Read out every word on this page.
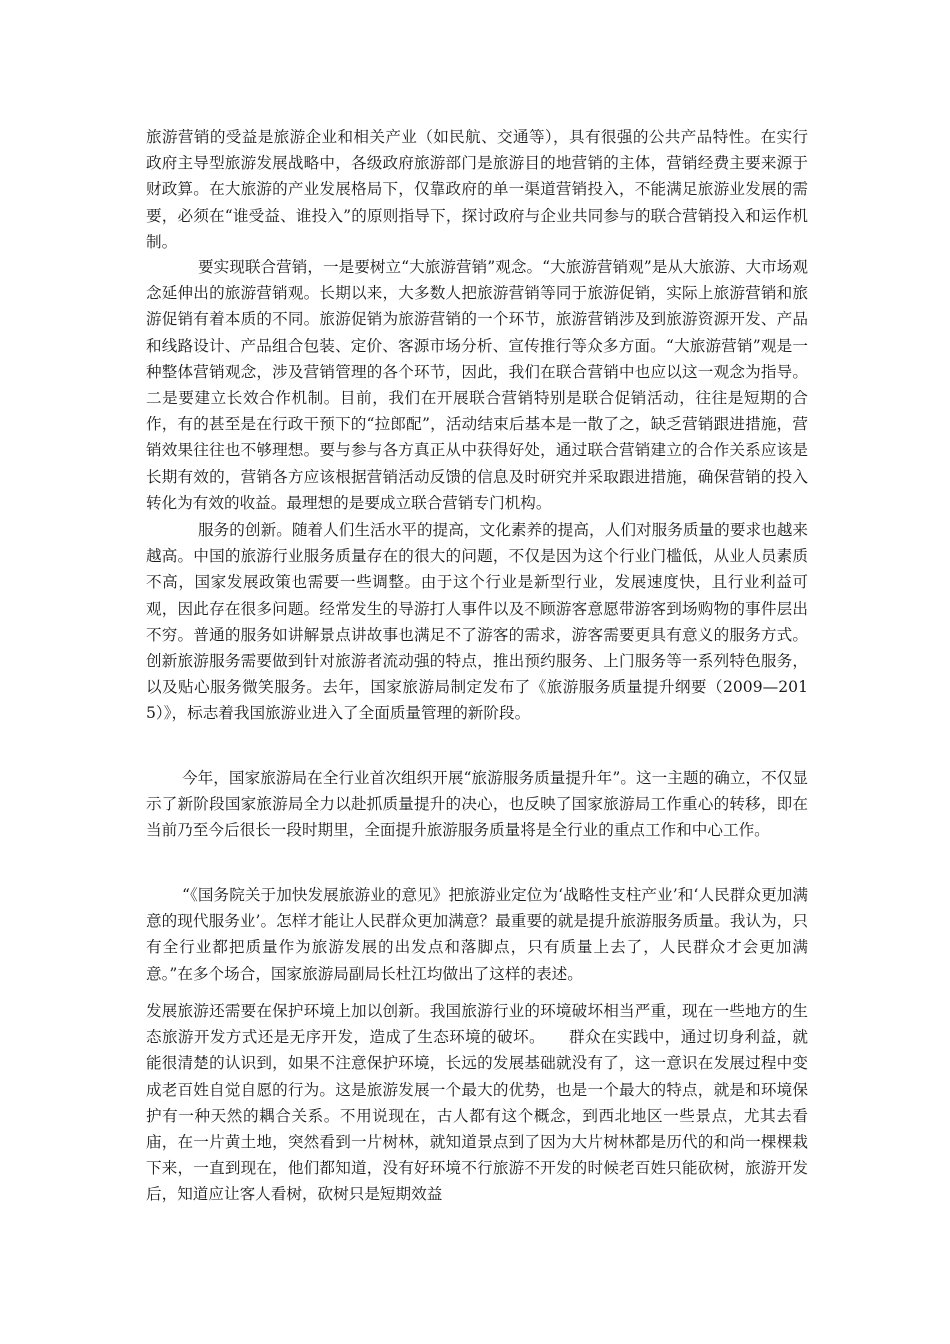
旅游营销的受益是旅游企业和相关产业（如民航、交通等），具有很强的公共产品特性。在实行政府主导型旅游发展战略中，各级政府旅游部门是旅游目的地营销的主体，营销经费主要来源于财政算。在大旅游的产业发展格局下，仅靠政府的单一渠道营销投入，不能满足旅游业发展的需要，必须在“谁受益、谁投入”的原则指导下，探讨政府与企业共同参与的联合营销投入和运作机制。

要实现联合营销，一是要树立“大旅游营销”观念。“大旅游营销观”是从大旅游、大市场观念延伸出的旅游营销观。长期以来，大多数人把旅游营销等同于旅游促销，实际上旅游营销和旅游促销有着本质的不同。旅游促销为旅游营销的一个环节，旅游营销涉及到旅游资源开发、产品和线路设计、产品组合包装、定价、客源市场分析、宣传推行等众多方面。“大旅游营销”观是一种整体营销观念，涉及营销管理的各个环节，因此，我们在联合营销中也应以这一观念为指导。二是要建立长效合作机制。目前，我们在开展联合营销特别是联合促销活动，往往是短期的合作，有的甚至是在行政干预下的“拉郎配”，活动结束后基本是一散了之，缺乏营销跟进措施，营销效果往往也不够理想。要与参与各方真正从中获得好处，通过联合营销建立的合作关系应该是长期有效的，营销各方应该根据营销活动反馈的信息及时研究并采取跟进措施，确保营销的投入转化为有效的收益。最理想的是要成立联合营销专门机构。

服务的创新。随着人们生活水平的提高，文化素养的提高，人们对服务质量的要求也越来越高。中国的旅游行业服务质量存在的很大的问题，不仅是因为这个行业门槛低，从业人员素质不高，国家发展政策也需要一些调整。由于这个行业是新型行业，发展速度快，且行业利益可观，因此存在很多问题。经常发生的导游打人事件以及不顾游客意愿带游客到场购物的事件层出不穷。普通的服务如讲解景点讲故事也满足不了游客的需求，游客需要更具有意义的服务方式。创新旅游服务需要做到针对旅游者流动强的特点，推出预约服务、上门服务等一系列特色服务，以及贴心服务微笑服务。去年，国家旅游局制定发布了《旅游服务质量提升纲要（2009—2015）》，标志着我国旅游业进入了全面质量管理的新阶段。

今年，国家旅游局在全行业首次组织开展“旅游服务质量提升年”。这一主题的确立，不仅显示了新阶段国家旅游局全力以赴抓质量提升的决心，也反映了国家旅游局工作重心的转移，即在当前乃至今后很长一段时期里，全面提升旅游服务质量将是全行业的重点工作和中心工作。

“《国务院关于加快发展旅游业的意见》把旅游业定位为‘战略性支柱产业’和‘人民群众更加满意的现代服务业’。怎样才能让人民群众更加满意？最重要的就是提升旅游服务质量。我认为，只有全行业都把质量作为旅游发展的出发点和落脚点，只有质量上去了，人民群众才会更加满意。”在多个场合，国家旅游局副局长杜江均做出了这样的表述。

发展旅游还需要在保护环境上加以创新。我国旅游行业的环境破坏相当严重，现在一些地方的生态旅游开发方式还是无序开发，造成了生态环境的破坏。　　群众在实践中，通过切身利益，就能很清楚的认识到，如果不注意保护环境，长远的发展基础就没有了，这一意识在发展过程中变成老百姓自觉自愿的行为。这是旅游发展一个最大的优势，也是一个最大的特点，就是和环境保护有一种天然的耦合关系。不用说现在，古人都有这个概念，到西北地区一些景点，尤其去看庙，在一片黄土地，突然看到一片树林，就知道景点到了因为大片树林都是历代的和尚一棵棵栽下来，一直到现在，他们都知道，没有好环境不行旅游不开发的时候老百姓只能砍树，旅游开发后，知道应让客人看树，砍树只是短期效益
